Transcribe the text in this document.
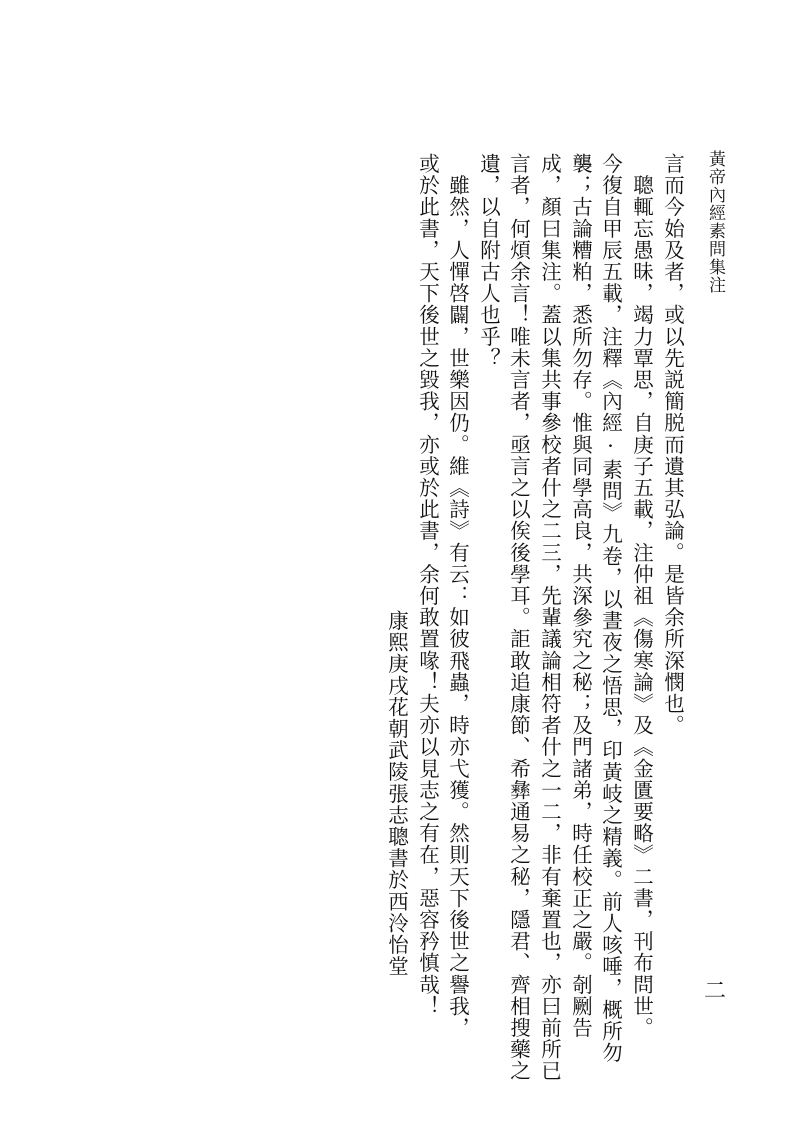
黃帝內經素問集注
言而今始及者，或以先説簡脱而遺其弘論。是皆余所深憫也。
　聰輒忘愚昧，竭力覃思，自庚子五載，注仲祖《傷寒論》及《金匱要略》二書，刊布問世。
今復自甲辰五載，注釋《內經·素問》九卷，以晝夜之悟思，印黃岐之精義。前人咳唾，概所勿
襲；古論糟粕，悉所勿存。惟與同學高良，共深參究之秘；及門諸弟，時任校正之嚴。剞劂告
成，顏曰集注。蓋以集共事參校者什之二三，先輩議論相符者什之一二，非有棄置也，亦曰前所已
言者，何煩余言！唯未言者，亟言之以俟後學耳。詎敢追康節、希彝通易之秘，隱君、齊相搜藥之
遺，以自附古人也乎？
　雖然，人憚啓闢，世樂因仍。維《詩》有云：如彼飛蟲，時亦弋獲。然則天下後世之譽我，
或於此書，天下後世之毀我，亦或於此書，余何敢置喙！夫亦以見志之有在，惡容矜慎哉！
康熙庚戌花朝武陵張志聰書於西泠怡堂
二
